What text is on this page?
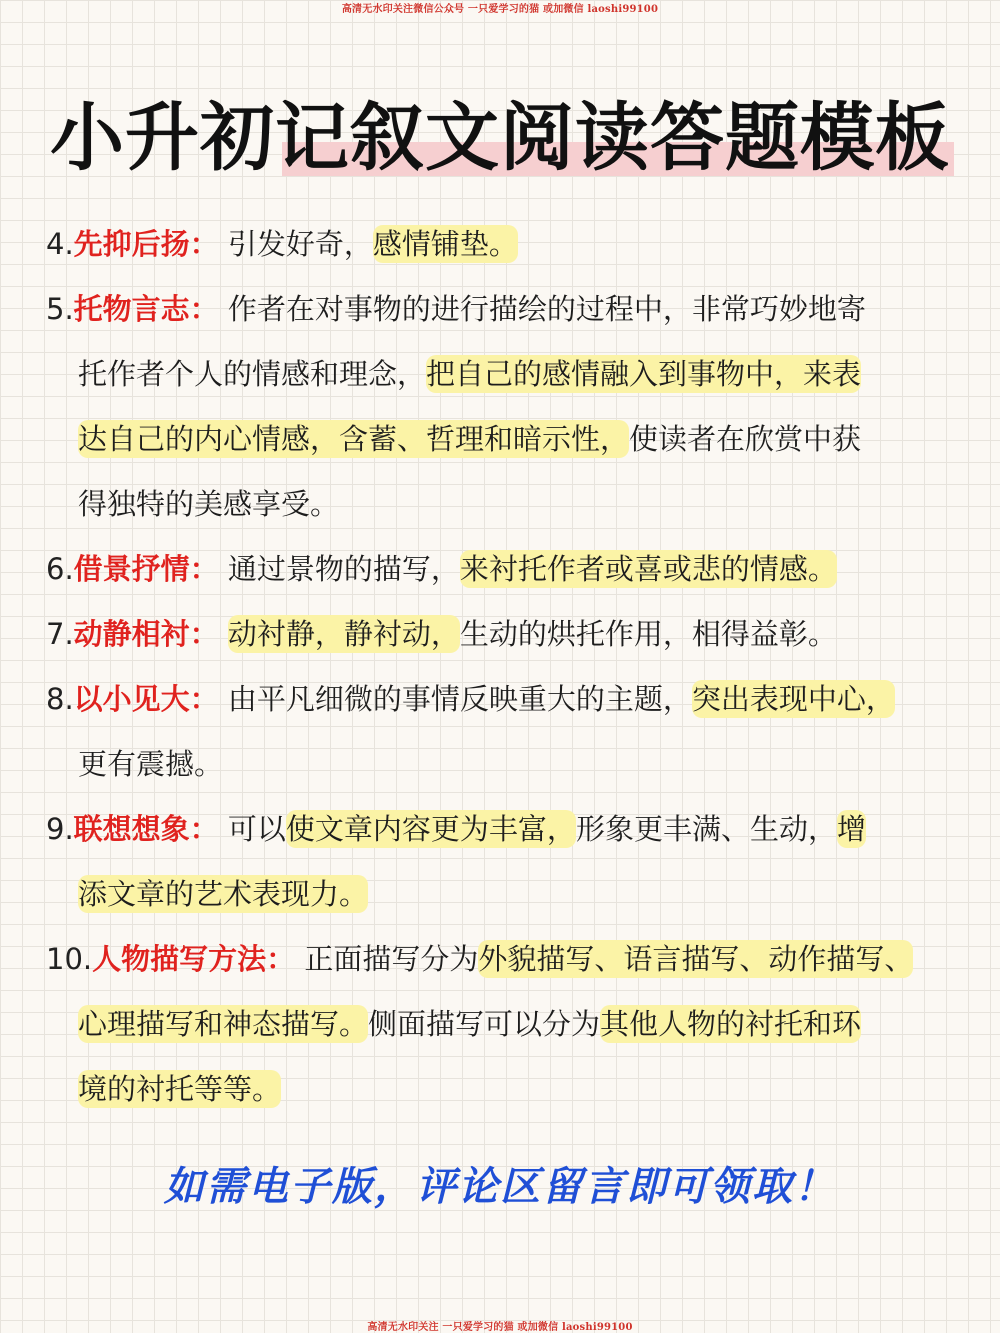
高清无水印关注微信公众号 一只爱学习的猫 或加微信 laoshi99100
小升初记叙文阅读答题模板

4.先抑后扬： 引发好奇，感情铺垫。

5.托物言志： 作者在对事物的进行描绘的过程中，非常巧妙地寄
托作者个人的情感和理念，把自己的感情融入到事物中，来表
达自己的内心情感，含蓄、哲理和暗示性，使读者在欣赏中获
得独特的美感享受。

6.借景抒情： 通过景物的描写，来衬托作者或喜或悲的情感。

7.动静相衬： 动衬静，静衬动，生动的烘托作用，相得益彰。

8.以小见大： 由平凡细微的事情反映重大的主题，突出表现中心，
更有震撼。
9.联想想象： 可以使文章内容更为丰富，形象更丰满、生动，增
添文章的艺术表现力。
10.人物描写方法： 正面描写分为外貌描写、语言描写、动作描写、
心理描写和神态描写。侧面描写可以分为其他人物的衬托和环
境的衬托等等。
如需电子版，评论区留言即可领取！
高清无水印关注 一只爱学习的猫 或加微信 laoshi99100
